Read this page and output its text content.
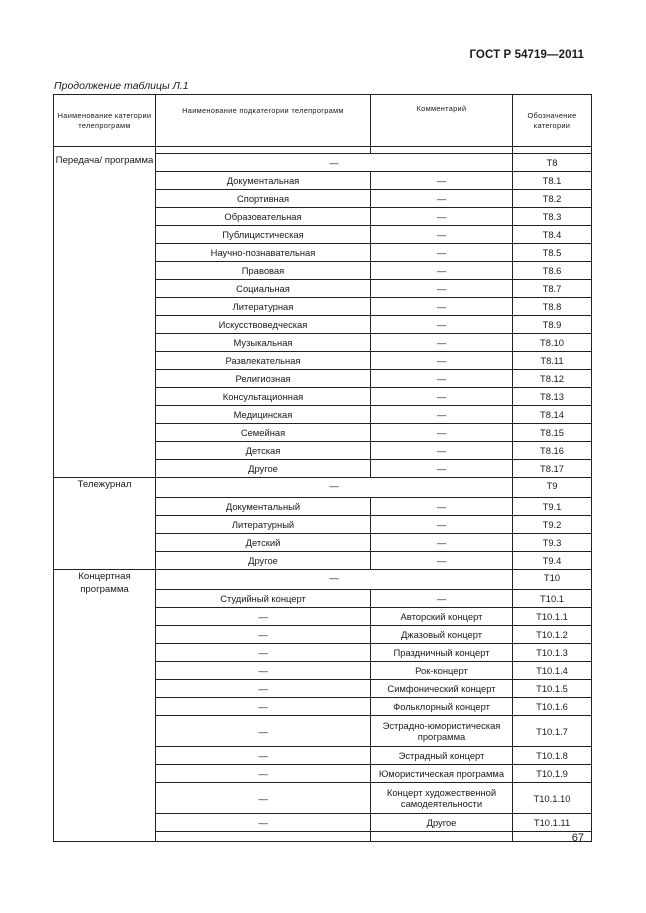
ГОСТ Р 54719—2011
Продолжение таблицы Л.1
Наименование категории телепрограмм	Наименование подкатегории телепрограмм	Комментарий	Обозначение категории

Передача/ программа	—		Т8
	Документальная	—	Т8.1
	Спортивная	—	Т8.2
	Образовательная	—	Т8.3
	Публицистическая	—	Т8.4
	Научно-познавательная	—	Т8.5
	Правовая	—	Т8.6
	Социальная	—	Т8.7
	Литературная	—	Т8.8
	Искусствоведческая	—	Т8.9
	Музыкальная	—	Т8.10
	Развлекательная	—	Т8.11
	Религиозная	—	Т8.12
	Консультационная	—	Т8.13
	Медицинская	—	Т8.14
	Семейная	—	Т8.15
	Детская	—	Т8.16
	Другое	—	Т8.17
Тележурнал	—		Т9
	Документальный	—	Т9.1
	Литературный	—	Т9.2
	Детский	—	Т9.3
	Другое	—	Т9.4
Концертная программа	—		Т10
	Студийный концерт	—	Т10.1
	—	Авторский концерт	Т10.1.1
	—	Джазовый концерт	Т10.1.2
	—	Праздничный концерт	Т10.1.3
	—	Рок-концерт	Т10.1.4
	—	Симфонический концерт	Т10.1.5
	—	Фольклорный концерт	Т10.1.6
	—	Эстрадно-юмористическая программа	Т10.1.7
	—	Эстрадный концерт	Т10.1.8
	—	Юмористическая программа	Т10.1.9
	—	Концерт художественной самодеятельности	Т10.1.10
	—	Другое	Т10.1.11

67
